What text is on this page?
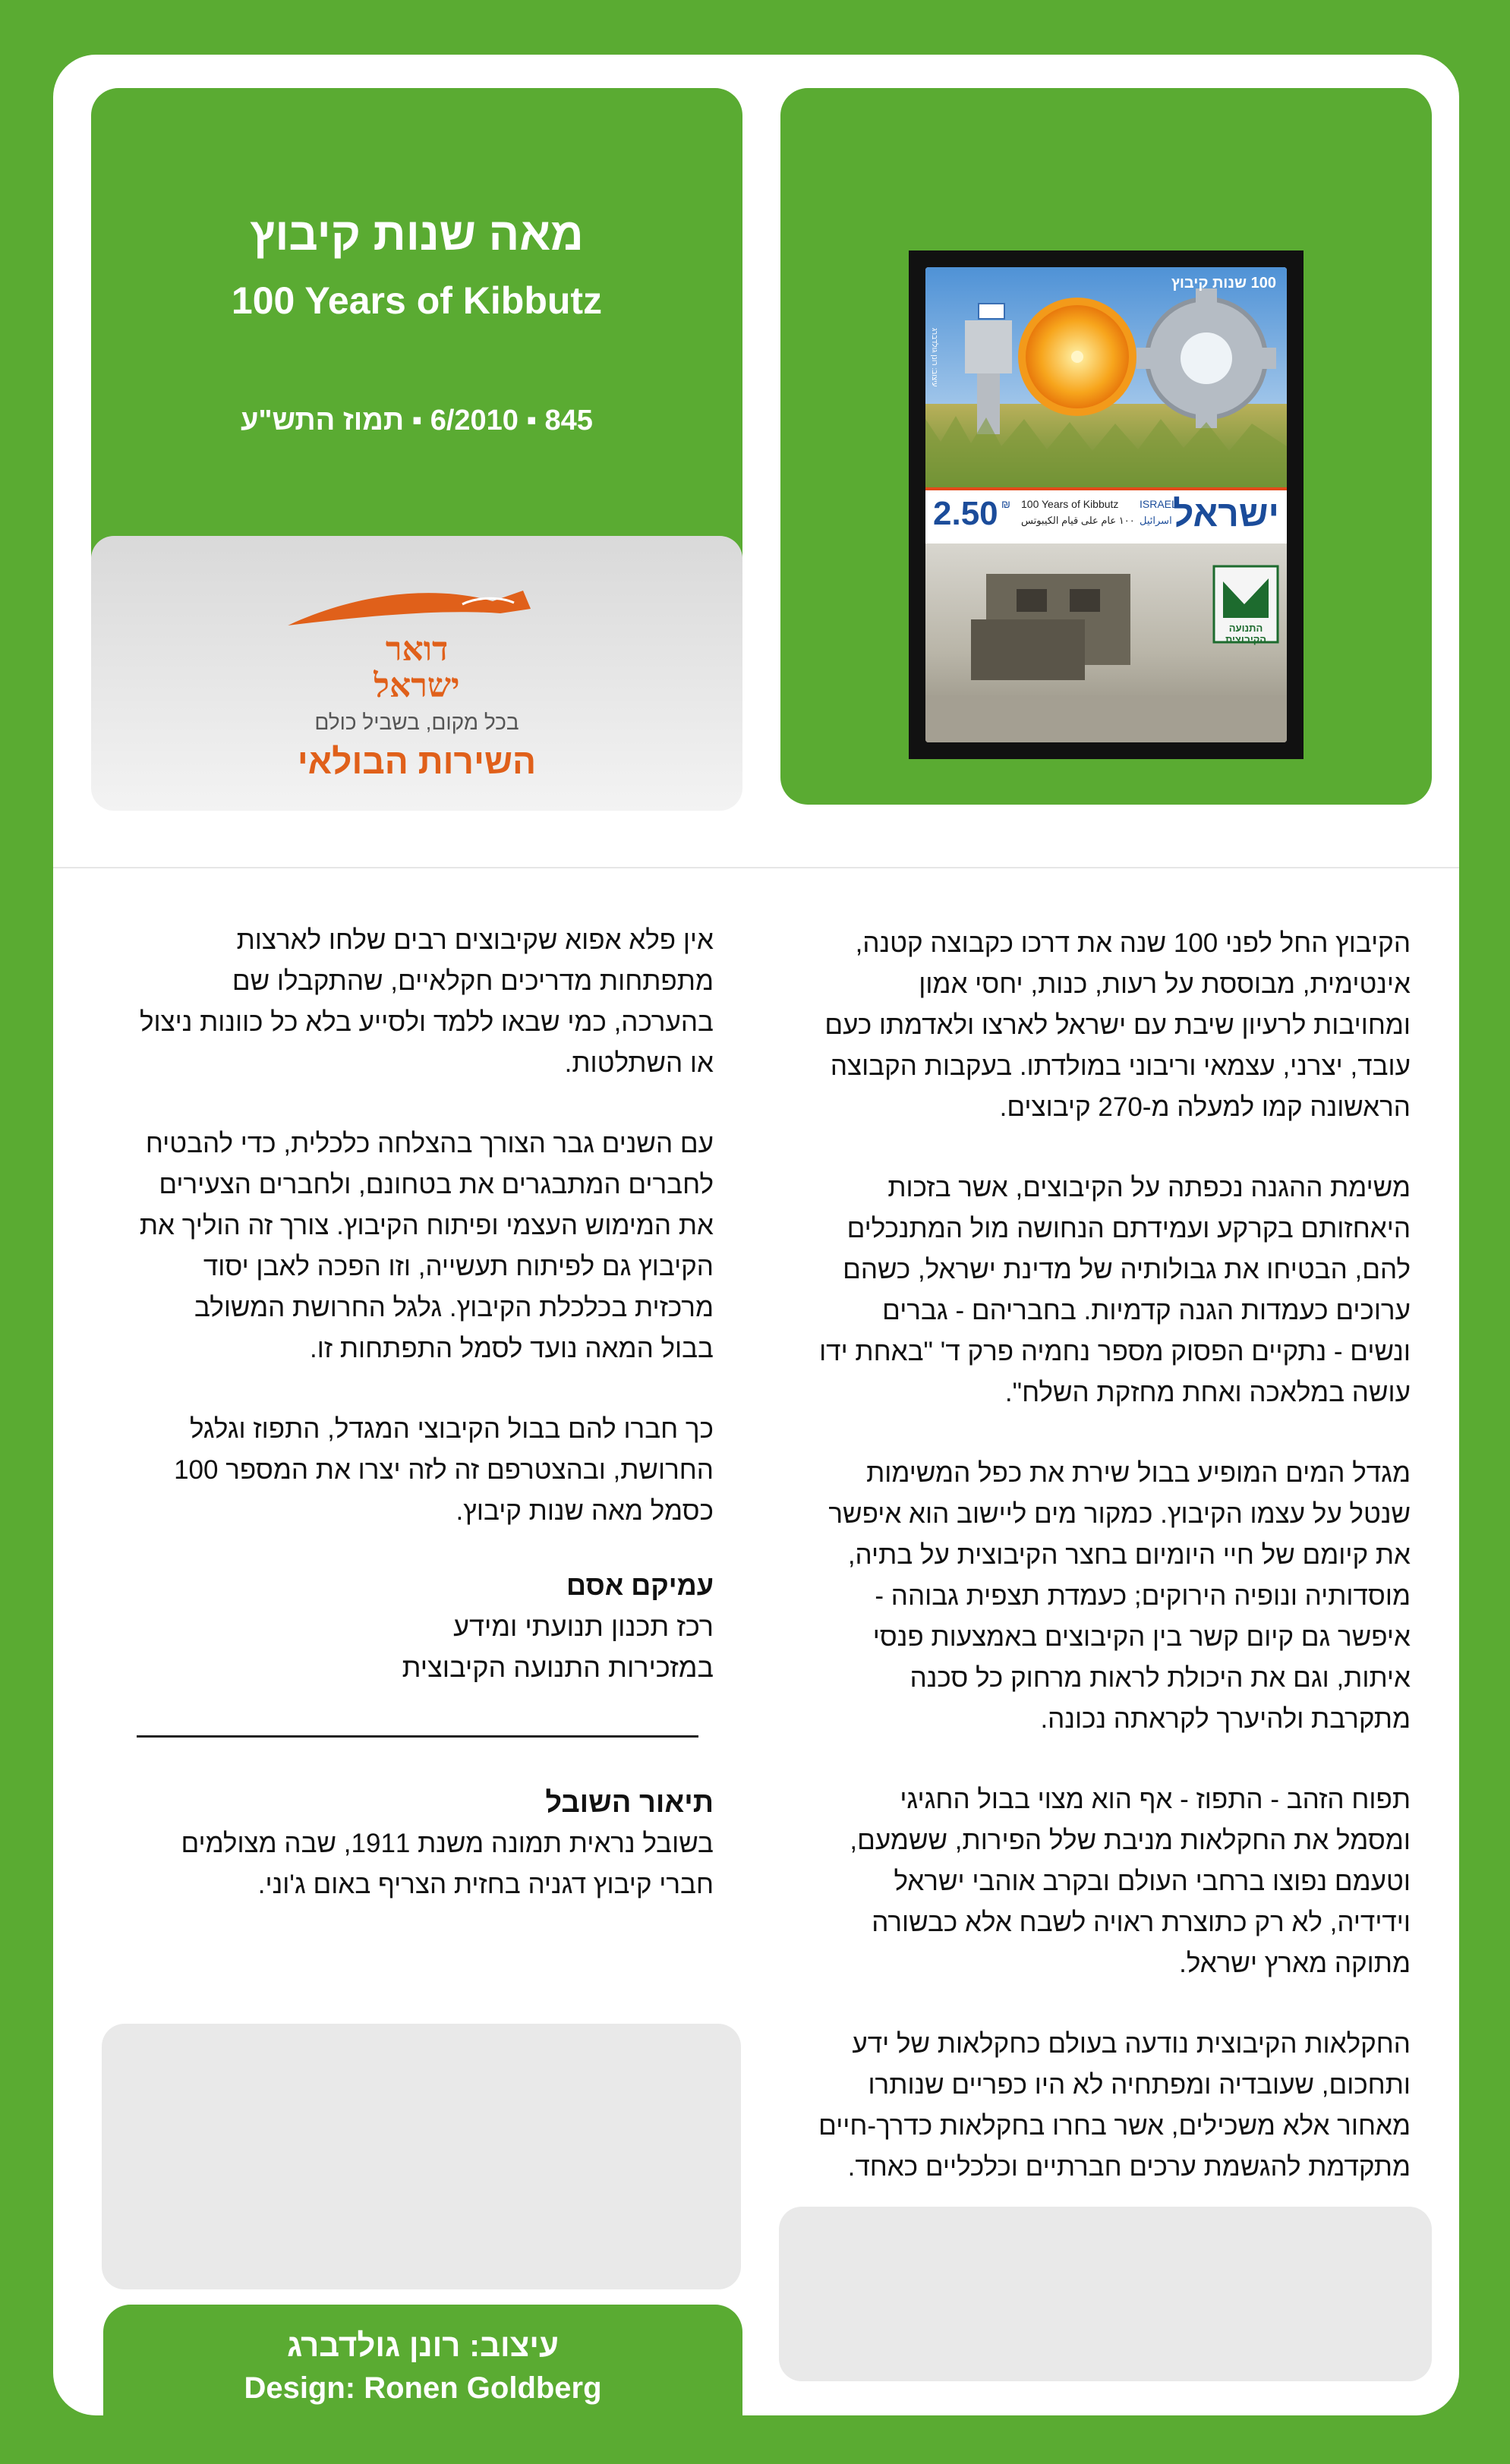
מאה שנות קיבוץ
100 Years of Kibbutz
845 ▪ 6/2010 ▪ תמוז התש"ע
דואר
ישראל
בכל מקום, בשביל כולם
השירות הבולאי
100 שנות קיבוץ
2.50 ₪ 100 Years of Kibbutz
١٠٠ عام على قيام الكيبوتس
ISRAEL
اسرائيل ישראל
התנועה הקיבוצית
עיצוב: רונן גולדברג

הקיבוץ החל לפני 100 שנה את דרכו כקבוצה קטנה, אינטימית, מבוססת על רעות, כנות, יחסי אמון ומחויבות לרעיון שיבת עם ישראל לארצו ולאדמתו כעם עובד, יצרני, עצמאי וריבוני במולדתו. בעקבות הקבוצה הראשונה קמו למעלה מ-270 קיבוצים.

משימת ההגנה נכפתה על הקיבוצים, אשר בזכות היאחזותם בקרקע ועמידתם הנחושה מול המתנכלים להם, הבטיחו את גבולותיה של מדינת ישראל, כשהם ערוכים כעמדות הגנה קדמיות. בחבריהם - גברים ונשים - נתקיים הפסוק מספר נחמיה פרק ד' "באחת ידו עושה במלאכה ואחת מחזקת השלח".

מגדל המים המופיע בבול שירת את כפל המשימות שנטל על עצמו הקיבוץ. כמקור מים ליישוב הוא איפשר את קיומם של חיי היומיום בחצר הקיבוצית על בתיה, מוסדותיה ונופיה הירוקים; כעמדת תצפית גבוהה - איפשר גם קיום קשר בין הקיבוצים באמצעות פנסי איתות, וגם את היכולת לראות מרחוק כל סכנה מתקרבת ולהיערך לקראתה נכונה.

תפוח הזהב - התפוז - אף הוא מצוי בבול החגיגי ומסמל את החקלאות מניבת שלל הפירות, ששמעם, וטעמם נפוצו ברחבי העולם ובקרב אוהבי ישראל וידידיה, לא רק כתוצרת ראויה לשבח אלא כבשורה מתוקה מארץ ישראל.

החקלאות הקיבוצית נודעה בעולם כחקלאות של ידע ותחכום, שעובדיה ומפתחיה לא היו כפריים שנותרו מאחור אלא משכילים, אשר בחרו בחקלאות כדרך-חיים מתקדמת להגשמת ערכים חברתיים וכלכליים כאחד.

אין פלא אפוא שקיבוצים רבים שלחו לארצות מתפתחות מדריכים חקלאיים, שהתקבלו שם בהערכה, כמי שבאו ללמד ולסייע בלא כל כוונות ניצול או השתלטות.

עם השנים גבר הצורך בהצלחה כלכלית, כדי להבטיח לחברים המתבגרים את בטחונם, ולחברים הצעירים את המימוש העצמי ופיתוח הקיבוץ. צורך זה הוליך את הקיבוץ גם לפיתוח תעשייה, וזו הפכה לאבן יסוד מרכזית בכלכלת הקיבוץ. גלגל החרושת המשולב בבול המאה נועד לסמל התפתחות זו.

כך חברו להם בבול הקיבוצי המגדל, התפוז וגלגל החרושת, ובהצטרפם זה לזה יצרו את המספר 100 כסמל מאה שנות קיבוץ.

עמיקם אסם
רכז תכנון תנועתי ומידע
במזכירות התנועה הקיבוצית
תיאור השובל
בשובל נראית תמונה משנת 1911, שבה מצולמים חברי קיבוץ דגניה בחזית הצריף באום ג'וני.
עיצוב: רונן גולדברג
Design: Ronen Goldberg
